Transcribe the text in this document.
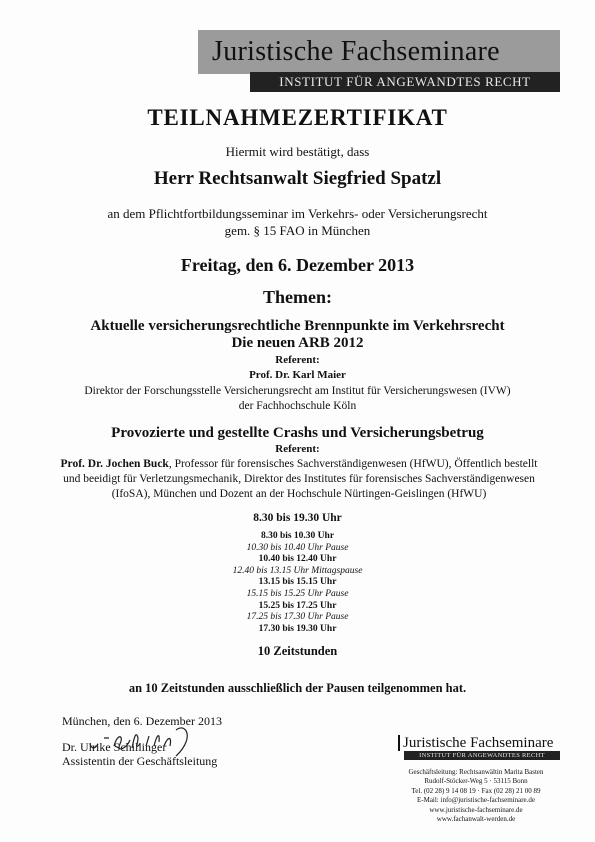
Juristische Fachseminare
INSTITUT FÜR ANGEWANDTES RECHT
TEILNAHMEZERTIFIKAT
Hiermit wird bestätigt, dass
Herr Rechtsanwalt Siegfried Spatzl
an dem Pflichtfortbildungsseminar im Verkehrs- oder Versicherungsrecht
gem. § 15 FAO in München
Freitag, den 6. Dezember 2013
Themen:
Aktuelle versicherungsrechtliche Brennpunkte im Verkehrsrecht
Die neuen ARB 2012
Referent:
Prof. Dr. Karl Maier
Direktor der Forschungsstelle Versicherungsrecht am Institut für Versicherungswesen (IVW)
der Fachhochschule Köln
Provozierte und gestellte Crashs und Versicherungsbetrug
Referent:
Prof. Dr. Jochen Buck, Professor für forensisches Sachverständigenwesen (HfWU), Öffentlich bestellt und beeidigt für Verletzungsmechanik, Direktor des Institutes für forensisches Sachverständigenwesen (IfoSA), München und Dozent an der Hochschule Nürtingen-Geislingen (HfWU)
8.30 bis 19.30 Uhr
8.30 bis 10.30 Uhr
10.30 bis 10.40 Uhr Pause
10.40 bis 12.40 Uhr
12.40 bis 13.15 Uhr Mittagspause
13.15 bis 15.15 Uhr
15.15 bis 15.25 Uhr Pause
15.25 bis 17.25 Uhr
17.25 bis 17.30 Uhr Pause
17.30 bis 19.30 Uhr
10 Zeitstunden
an 10 Zeitstunden ausschließlich der Pausen teilgenommen hat.
München, den 6. Dezember 2013
Dr. Ulrike Schillinger
Assistentin der Geschäftsleitung
Juristische Fachseminare
INSTITUT FÜR ANGEWANDTES RECHT
Geschäftsleitung: Rechtsanwältin Marita Basten
Rudolf-Stöcker-Weg 5 · 53115 Bonn
Tel. (02 28) 9 14 08 19 · Fax (02 28) 21 00 89
E-Mail: info@juristische-fachseminare.de
www.juristische-fachseminare.de
www.fachanwalt-werden.de
